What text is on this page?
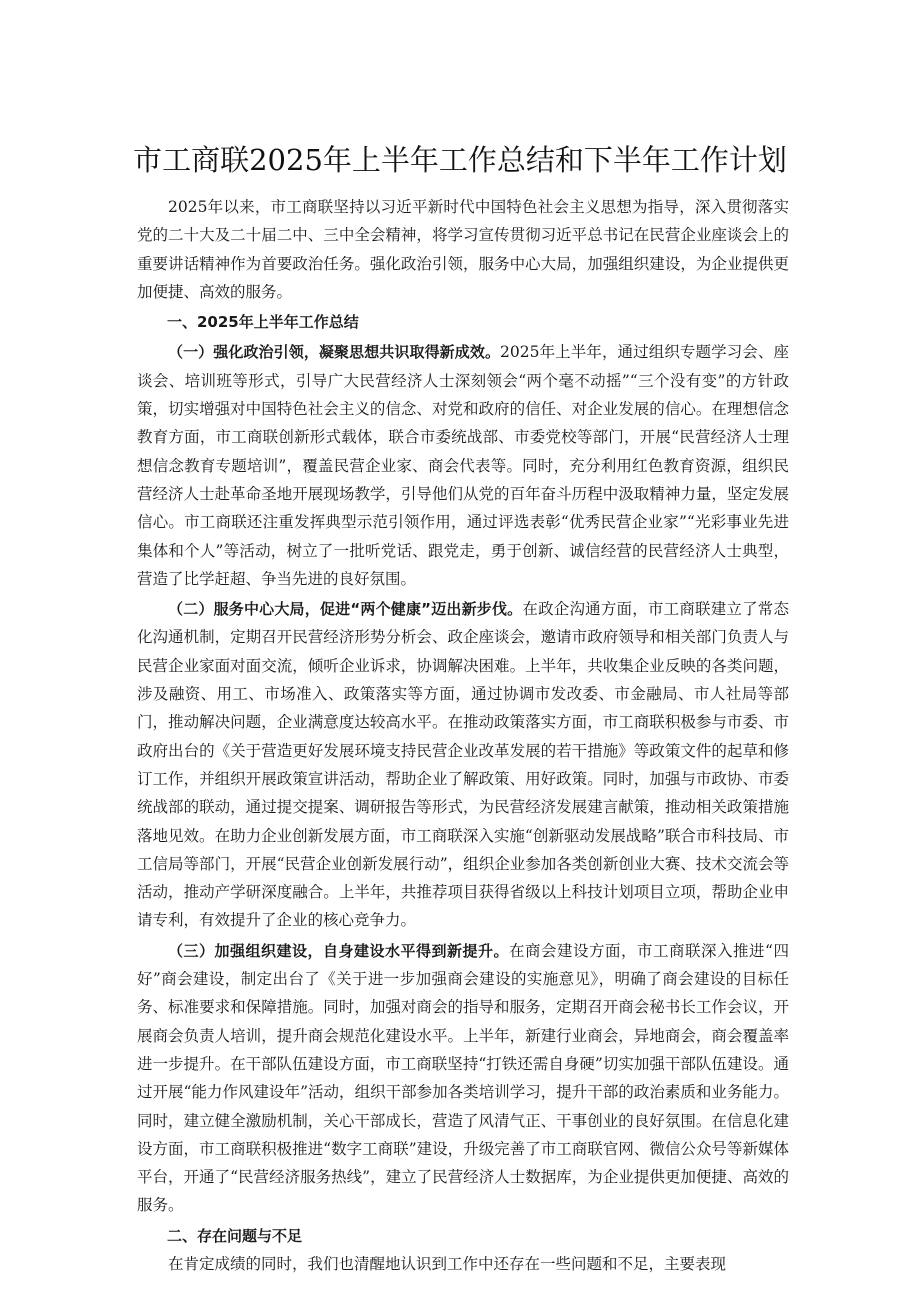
市工商联2025年上半年工作总结和下半年工作计划

2025年以来，市工商联坚持以习近平新时代中国特色社会主义思想为指导，深入贯彻落实党的二十大及二十届二中、三中全会精神，将学习宣传贯彻习近平总书记在民营企业座谈会上的重要讲话精神作为首要政治任务。强化政治引领，服务中心大局，加强组织建设，为企业提供更加便捷、高效的服务。

一、2025年上半年工作总结

（一）强化政治引领，凝聚思想共识取得新成效。2025年上半年，通过组织专题学习会、座谈会、培训班等形式，引导广大民营经济人士深刻领会“两个毫不动摇”“三个没有变”的方针政策，切实增强对中国特色社会主义的信念、对党和政府的信任、对企业发展的信心。在理想信念教育方面，市工商联创新形式载体，联合市委统战部、市委党校等部门，开展“民营经济人士理想信念教育专题培训”，覆盖民营企业家、商会代表等。同时，充分利用红色教育资源，组织民营经济人士赴革命圣地开展现场教学，引导他们从党的百年奋斗历程中汲取精神力量，坚定发展信心。市工商联还注重发挥典型示范引领作用，通过评选表彰“优秀民营企业家”“光彩事业先进集体和个人”等活动，树立了一批听党话、跟党走，勇于创新、诚信经营的民营经济人士典型，营造了比学赶超、争当先进的良好氛围。

（二）服务中心大局，促进“两个健康”迈出新步伐。在政企沟通方面，市工商联建立了常态化沟通机制，定期召开民营经济形势分析会、政企座谈会，邀请市政府领导和相关部门负责人与民营企业家面对面交流，倾听企业诉求，协调解决困难。上半年，共收集企业反映的各类问题，涉及融资、用工、市场准入、政策落实等方面，通过协调市发改委、市金融局、市人社局等部门，推动解决问题，企业满意度达较高水平。在推动政策落实方面，市工商联积极参与市委、市政府出台的《关于营造更好发展环境支持民营企业改革发展的若干措施》等政策文件的起草和修订工作，并组织开展政策宣讲活动，帮助企业了解政策、用好政策。同时，加强与市政协、市委统战部的联动，通过提交提案、调研报告等形式，为民营经济发展建言献策，推动相关政策措施落地见效。在助力企业创新发展方面，市工商联深入实施“创新驱动发展战略”联合市科技局、市工信局等部门，开展“民营企业创新发展行动”，组织企业参加各类创新创业大赛、技术交流会等活动，推动产学研深度融合。上半年，共推荐项目获得省级以上科技计划项目立项，帮助企业申请专利，有效提升了企业的核心竞争力。

（三）加强组织建设，自身建设水平得到新提升。在商会建设方面，市工商联深入推进“四好”商会建设，制定出台了《关于进一步加强商会建设的实施意见》，明确了商会建设的目标任务、标准要求和保障措施。同时，加强对商会的指导和服务，定期召开商会秘书长工作会议，开展商会负责人培训，提升商会规范化建设水平。上半年，新建行业商会，异地商会，商会覆盖率进一步提升。在干部队伍建设方面，市工商联坚持“打铁还需自身硬”切实加强干部队伍建设。通过开展“能力作风建设年”活动，组织干部参加各类培训学习，提升干部的政治素质和业务能力。同时，建立健全激励机制，关心干部成长，营造了风清气正、干事创业的良好氛围。在信息化建设方面，市工商联积极推进“数字工商联”建设，升级完善了市工商联官网、微信公众号等新媒体平台，开通了“民营经济服务热线”，建立了民营经济人士数据库，为企业提供更加便捷、高效的服务。

二、存在问题与不足

在肯定成绩的同时，我们也清醒地认识到工作中还存在一些问题和不足，主要表现
